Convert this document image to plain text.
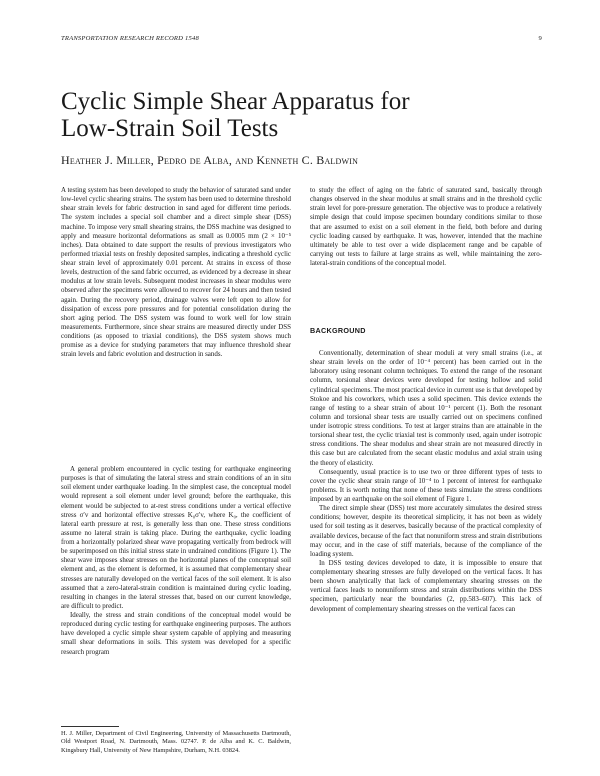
TRANSPORTATION RESEARCH RECORD 1548	9
Cyclic Simple Shear Apparatus for
Low-Strain Soil Tests
Heather J. Miller, Pedro de Alba, and Kenneth C. Baldwin

A testing system has been developed to study the behavior of saturated sand under low-level cyclic shearing strains. The system has been used to determine threshold shear strain levels for fabric destruction in sand aged for different time periods. The system includes a special soil chamber and a direct simple shear (DSS) machine. To impose very small shearing strains, the DSS machine was designed to apply and measure horizontal deformations as small as 0.0005 mm (2 × 10⁻⁵ inches). Data obtained to date support the results of previous investigators who performed triaxial tests on freshly deposited samples, indicating a threshold cyclic shear strain level of approximately 0.01 percent. At strains in excess of those levels, destruction of the sand fabric occurred, as evidenced by a decrease in shear modulus at low strain levels. Subsequent modest increases in shear modulus were observed after the specimens were allowed to recover for 24 hours and then tested again. During the recovery period, drainage valves were left open to allow for dissipation of excess pore pressures and for potential consolidation during the short aging period. The DSS system was found to work well for low strain measurements. Furthermore, since shear strains are measured directly under DSS conditions (as opposed to triaxial conditions), the DSS system shows much promise as a device for studying parameters that may influence threshold shear strain levels and fabric evolution and destruction in sands.

A general problem encountered in cyclic testing for earthquake engineering purposes is that of simulating the lateral stress and strain conditions of an in situ soil element under earthquake loading. In the simplest case, the conceptual model would represent a soil element under level ground; before the earthquake, this element would be subjected to at-rest stress conditions under a vertical effective stress σ′v and horizontal effective stresses K₀σ′v, where K₀, the coefficient of lateral earth pressure at rest, is generally less than one. These stress conditions assume no lateral strain is taking place. During the earthquake, cyclic loading from a horizontally polarized shear wave propagating vertically from bedrock will be superimposed on this initial stress state in undrained conditions (Figure 1). The shear wave imposes shear stresses on the horizontal planes of the conceptual soil element and, as the element is deformed, it is assumed that complementary shear stresses are naturally developed on the vertical faces of the soil element. It is also assumed that a zero-lateral-strain condition is maintained during cyclic loading, resulting in changes in the lateral stresses that, based on our current knowledge, are difficult to predict.

Ideally, the stress and strain conditions of the conceptual model would be reproduced during cyclic testing for earthquake engineering purposes. The authors have developed a cyclic simple shear system capable of applying and measuring small shear deformations in soils. This system was developed for a specific research program

to study the effect of aging on the fabric of saturated sand, basically through changes observed in the shear modulus at small strains and in the threshold cyclic strain level for pore-pressure generation. The objective was to produce a relatively simple design that could impose specimen boundary conditions similar to those that are assumed to exist on a soil element in the field, both before and during cyclic loading caused by earthquake. It was, however, intended that the machine ultimately be able to test over a wide displacement range and be capable of carrying out tests to failure at large strains as well, while maintaining the zero-lateral-strain conditions of the conceptual model.

BACKGROUND

Conventionally, determination of shear moduli at very small strains (i.e., at shear strain levels on the order of 10⁻⁴ percent) has been carried out in the laboratory using resonant column techniques. To extend the range of the resonant column, torsional shear devices were developed for testing hollow and solid cylindrical specimens. The most practical device in current use is that developed by Stokoe and his coworkers, which uses a solid specimen. This device extends the range of testing to a shear strain of about 10⁻¹ percent (1). Both the resonant column and torsional shear tests are usually carried out on specimens confined under isotropic stress conditions. To test at larger strains than are attainable in the torsional shear test, the cyclic triaxial test is commonly used, again under isotropic stress conditions. The shear modulus and shear strain are not measured directly in this case but are calculated from the secant elastic modulus and axial strain using the theory of elasticity.

Consequently, usual practice is to use two or three different types of tests to cover the cyclic shear strain range of 10⁻⁴ to 1 percent of interest for earthquake problems. It is worth noting that none of these tests simulate the stress conditions imposed by an earthquake on the soil element of Figure 1.

The direct simple shear (DSS) test more accurately simulates the desired stress conditions; however, despite its theoretical simplicity, it has not been as widely used for soil testing as it deserves, basically because of the practical complexity of available devices, because of the fact that nonuniform stress and strain distributions may occur, and in the case of stiff materials, because of the compliance of the loading system.

In DSS testing devices developed to date, it is impossible to ensure that complementary shearing stresses are fully developed on the vertical faces. It has been shown analytically that lack of complementary shearing stresses on the vertical faces leads to nonuniform stress and strain distributions within the DSS specimen, particularly near the boundaries (2, pp.583–607). This lack of development of complementary shearing stresses on the vertical faces can

H. J. Miller, Department of Civil Engineering, University of Massachusetts Dartmouth, Old Westport Road, N. Dartmouth, Mass. 02747. P. de Alba and K. C. Baldwin, Kingsbury Hall, University of New Hampshire, Durham, N.H. 03824.
